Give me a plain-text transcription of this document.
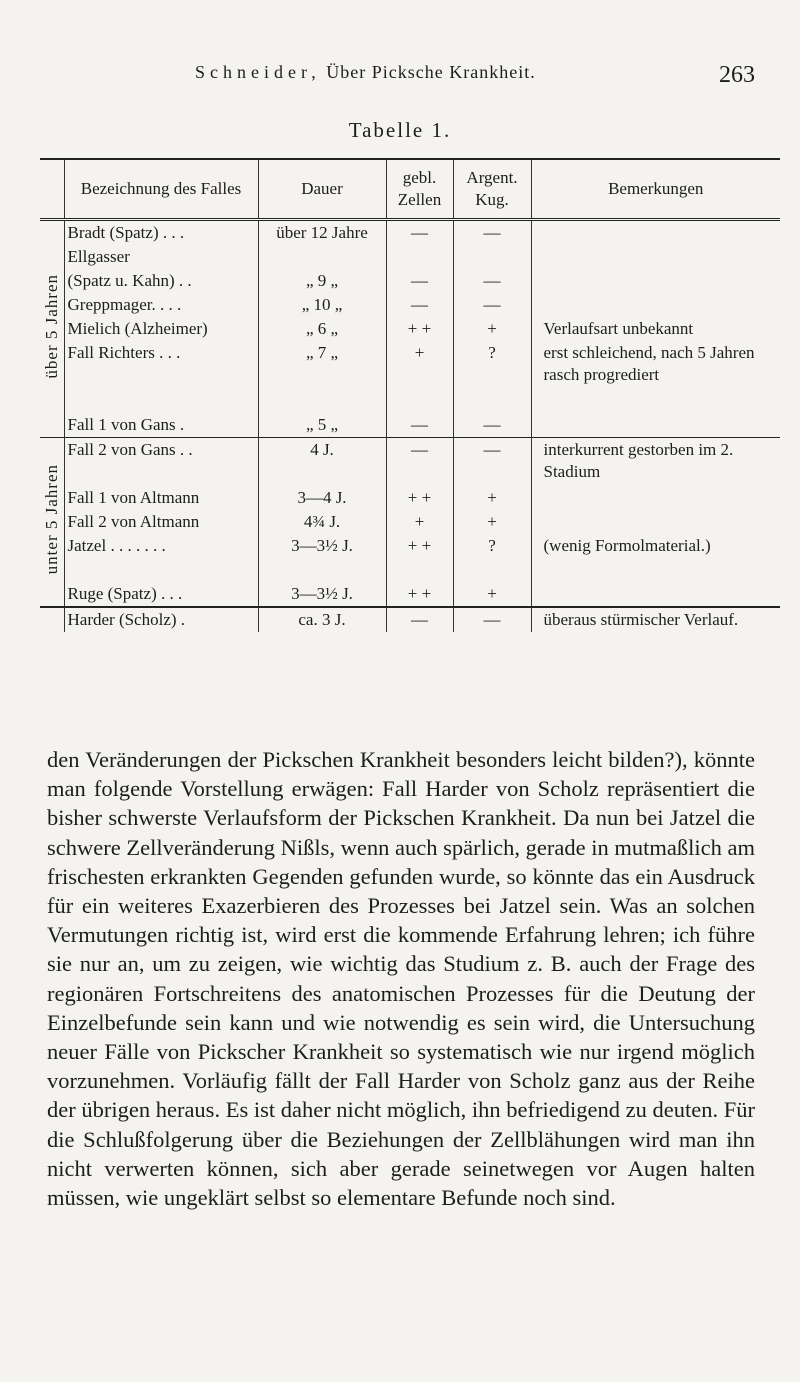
Schneider, Über Picksche Krankheit.	263
Tabelle 1.
	Bezeichnung des Falles	Dauer	gebl. Zellen	Argent. Kug.	Bemerkungen
über 5 Jahren	Bradt (Spatz) . . .	über 12 Jahre	—	—	
	Ellgasser				
	(Spatz u. Kahn) . .	„ 9 „	—	—	
	Greppmager. . . .	„ 10 „	—	—	
	Mielich (Alzheimer)	„ 6 „	+ +	+	Verlaufsart unbekannt
	Fall Richters . . .	„ 7 „	+	?	erst schleichend, nach 5 Jahren rasch progrediert

	Fall 1 von Gans .	„ 5 „	—	—	
unter 5 Jahren	Fall 2 von Gans . .	4 J.	—	—	interkurrent gestorben im 2. Stadium

	Fall 1 von Altmann	3—4 J.	+ +	+	
	Fall 2 von Altmann	4¾ J.	+	+	
	Jatzel . . . . . . .	3—3½ J.	+ +	?	(wenig Formolmaterial.)

	Ruge (Spatz) . . .	3—3½ J.	+ +	+	
	Harder (Scholz) .	ca. 3 J.	—	—	überaus stürmischer Verlauf.

den Veränderungen der Pickschen Krankheit besonders leicht bilden?), könnte man folgende Vorstellung erwägen: Fall Harder von Scholz repräsentiert die bisher schwerste Verlaufsform der Pickschen Krankheit. Da nun bei Jatzel die schwere Zellveränderung Nißls, wenn auch spärlich, gerade in mutmaßlich am frischesten erkrankten Gegenden gefunden wurde, so könnte das ein Ausdruck für ein weiteres Exazerbieren des Prozesses bei Jatzel sein. Was an solchen Vermutungen richtig ist, wird erst die kommende Erfahrung lehren; ich führe sie nur an, um zu zeigen, wie wichtig das Studium z. B. auch der Frage des regionären Fortschreitens des anatomischen Prozesses für die Deutung der Einzelbefunde sein kann und wie notwendig es sein wird, die Untersuchung neuer Fälle von Pickscher Krankheit so systematisch wie nur irgend möglich vorzunehmen. Vorläufig fällt der Fall Harder von Scholz ganz aus der Reihe der übrigen heraus. Es ist daher nicht möglich, ihn befriedigend zu deuten. Für die Schlußfolgerung über die Beziehungen der Zellblähungen wird man ihn nicht verwerten können, sich aber gerade seinetwegen vor Augen halten müssen, wie ungeklärt selbst so elementare Befunde noch sind.
